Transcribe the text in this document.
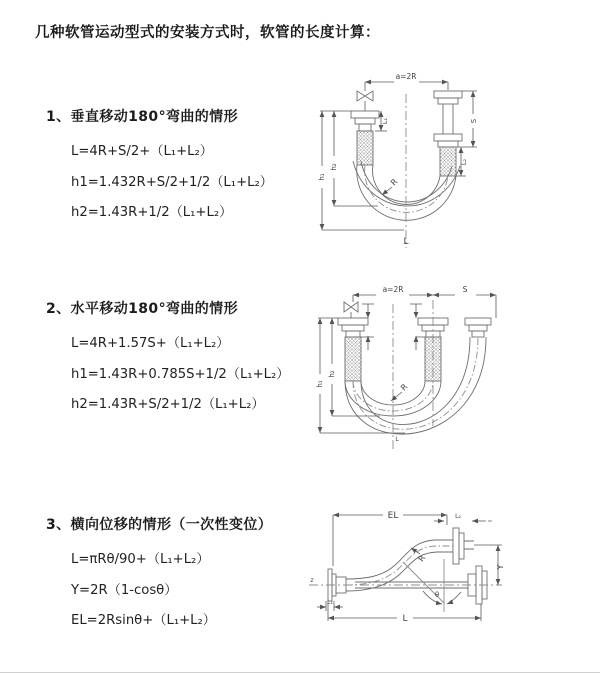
几种软管运动型式的安装方式时，软管的长度计算：
1、垂直移动180°弯曲的情形
L=4R+S/2+（L₁+L₂）
h1=1.432R+S/2+1/2（L₁+L₂）
h2=1.43R+1/2（L₁+L₂）
a=2R
h₁
h₂
L₁	S
L₂
R
L
2、水平移动180°弯曲的情形
L=4R+1.57S+（L₁+L₂）
h1=1.43R+0.785S+1/2（L₁+L₂）
h2=1.43R+S/2+1/2（L₁+L₂）
a=2R	S
h₁
h₂
R
L
3、横向位移的情形（一次性变位）
L=πRθ/90+（L₁+L₂）
Y=2R（1-cosθ）
EL=2Rsinθ+（L₁+L₂）
EL	L₂
Y
R
θ
z
L₁
L
